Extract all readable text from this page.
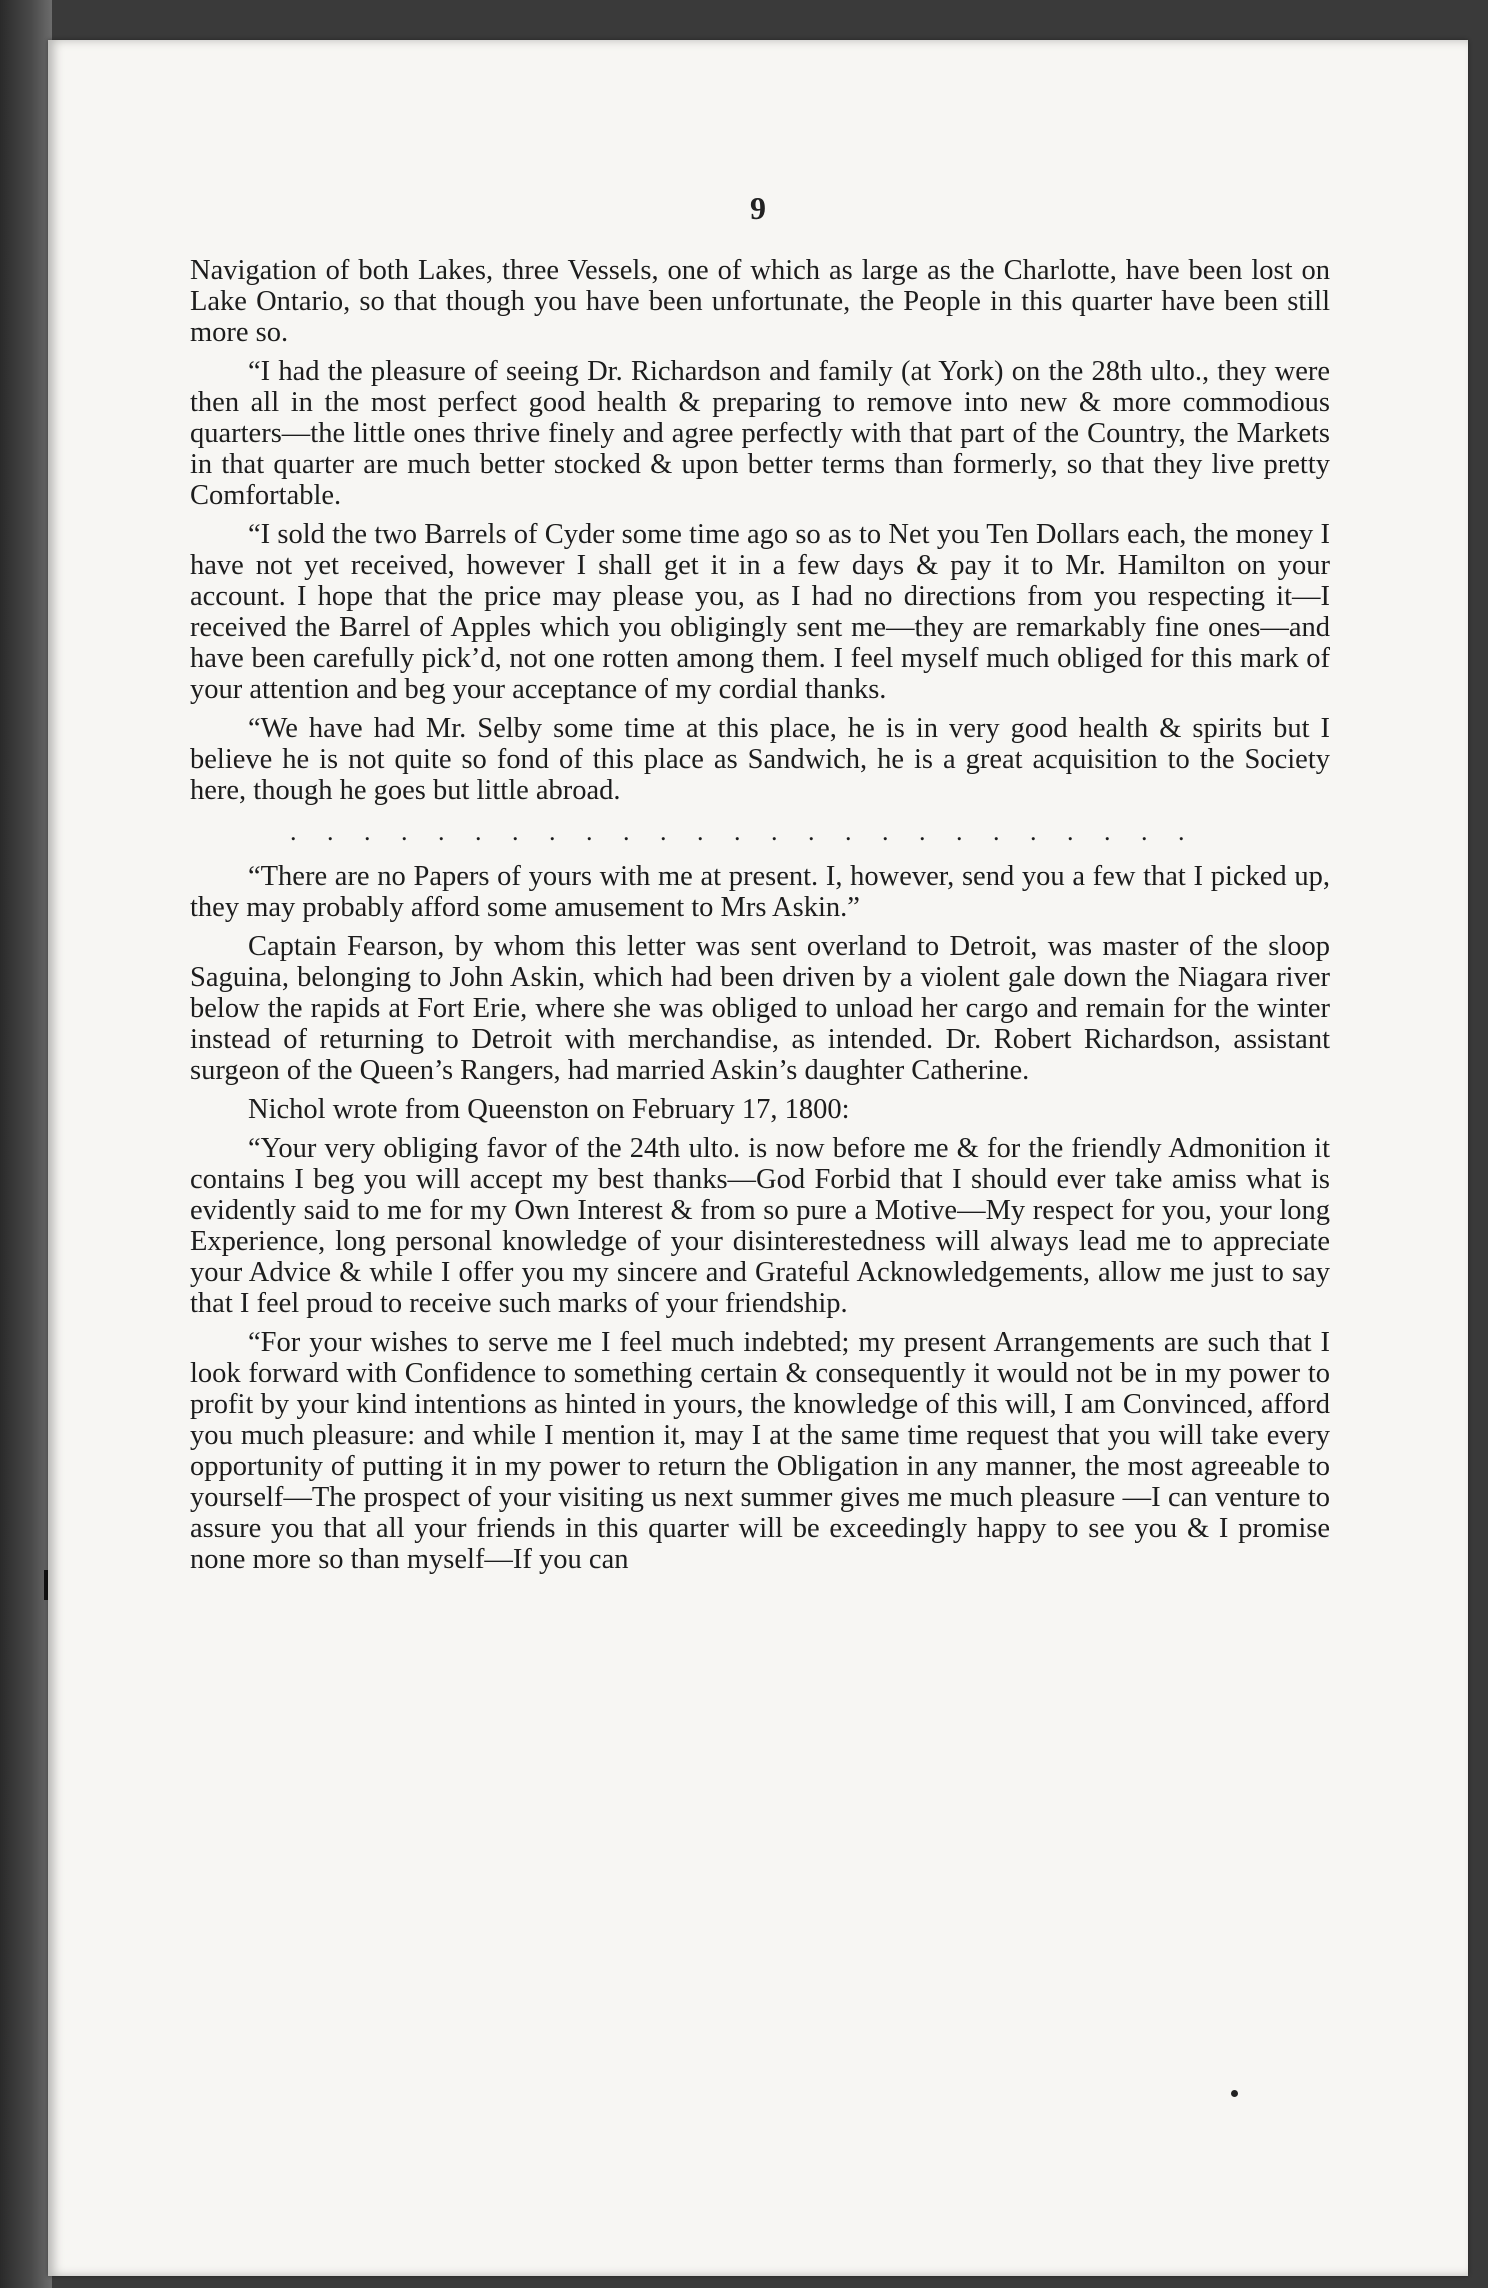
9

Navigation of both Lakes, three Vessels, one of which as large as the Charlotte, have been lost on Lake Ontario, so that though you have been unfortunate, the People in this quarter have been still more so.

“I had the pleasure of seeing Dr. Richardson and family (at York) on the 28th ulto., they were then all in the most perfect good health & preparing to remove into new & more commodious quarters—the little ones thrive finely and agree perfectly with that part of the Country, the Markets in that quarter are much better stocked & upon better terms than formerly, so that they live pretty Comfortable.

“I sold the two Barrels of Cyder some time ago so as to Net you Ten Dollars each, the money I have not yet received, however I shall get it in a few days & pay it to Mr. Hamilton on your account. I hope that the price may please you, as I had no directions from you respecting it—I received the Barrel of Apples which you obligingly sent me—they are remarkably fine ones—and have been carefully pick’d, not one rotten among them. I feel myself much obliged for this mark of your attention and beg your acceptance of my cordial thanks.

“We have had Mr. Selby some time at this place, he is in very good health & spirits but I believe he is not quite so fond of this place as Sandwich, he is a great acquisition to the Society here, though he goes but little abroad.

. . . . . . . . . . . . . . . . . . . . . . . . .

“There are no Papers of yours with me at present. I, however, send you a few that I picked up, they may probably afford some amusement to Mrs Askin.”

Captain Fearson, by whom this letter was sent overland to Detroit, was master of the sloop Saguina, belonging to John Askin, which had been driven by a violent gale down the Niagara river below the rapids at Fort Erie, where she was obliged to unload her cargo and remain for the winter instead of returning to Detroit with merchandise, as intended. Dr. Robert Richardson, assistant surgeon of the Queen’s Rangers, had married Askin’s daughter Catherine.

Nichol wrote from Queenston on February 17, 1800:

“Your very obliging favor of the 24th ulto. is now before me & for the friendly Admonition it contains I beg you will accept my best thanks—God Forbid that I should ever take amiss what is evidently said to me for my Own Interest & from so pure a Motive—My respect for you, your long Experience, long personal knowledge of your disinterestedness will always lead me to appreciate your Advice & while I offer you my sincere and Grateful Acknowledgements, allow me just to say that I feel proud to receive such marks of your friendship.

“For your wishes to serve me I feel much indebted; my present Arrangements are such that I look forward with Confidence to something certain & consequently it would not be in my power to profit by your kind intentions as hinted in yours, the knowledge of this will, I am Convinced, afford you much pleasure: and while I mention it, may I at the same time request that you will take every opportunity of putting it in my power to return the Obligation in any manner, the most agreeable to yourself—The prospect of your visiting us next summer gives me much pleasure —I can venture to assure you that all your friends in this quarter will be exceedingly happy to see you & I promise none more so than myself—If you can
